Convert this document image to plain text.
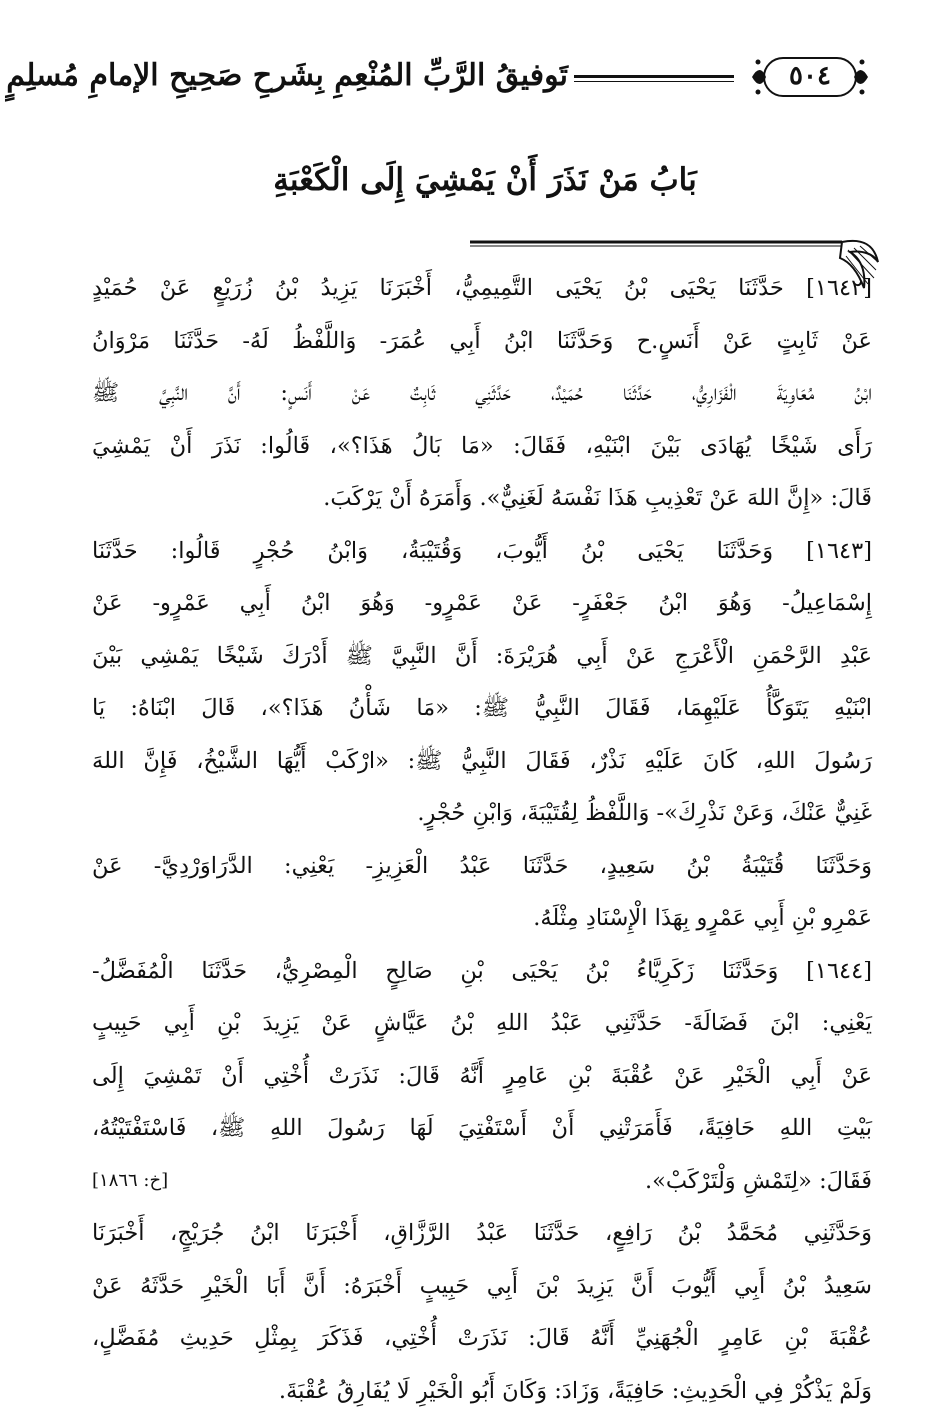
٥٠٤
تَوفيقُ الرَّبِّ المُنْعِمِ بِشَرحِ صَحِيحِ الإمامِ مُسلِمٍ
بَابُ مَنْ نَذَرَ أَنْ يَمْشِيَ إِلَى الْكَعْبَةِ
[١٦٤٢] حَدَّثَنَا يَحْيَى بْنُ يَحْيَى التَّمِيمِيُّ، أَخْبَرَنَا يَزِيدُ بْنُ زُرَيْعٍ عَنْ حُمَيْدٍ
عَنْ ثَابِتٍ عَنْ أَنَسٍ.ح وَحَدَّثَنَا ابْنُ أَبِي عُمَرَ- وَاللَّفْظُ لَهُ- حَدَّثَنَا مَرْوَانُ
ابْنُ مُعَاوِيَةَ الْفَزَارِيُّ، حَدَّثَنَا حُمَيْدٌ، حَدَّثَنِي ثَابِتٌ عَنْ أَنَسٍ: أَنَّ النَّبِيَّ ﷺ
رَأَى شَيْخًا يُهَادَى بَيْنَ ابْنَيْهِ، فَقَالَ: «مَا بَالُ هَذَا؟»، قَالُوا: نَذَرَ أَنْ يَمْشِيَ
قَالَ: «إِنَّ اللهَ عَنْ تَعْذِيبِ هَذَا نَفْسَهُ لَغَنِيٌّ». وَأَمَرَهُ أَنْ يَرْكَبَ.
[١٦٤٣] وَحَدَّثَنَا يَحْيَى بْنُ أَيُّوبَ، وَقُتَيْبَةُ، وَابْنُ حُجْرٍ قَالُوا: حَدَّثَنَا
إِسْمَاعِيلُ- وَهُوَ ابْنُ جَعْفَرٍ- عَنْ عَمْرٍو- وَهُوَ ابْنُ أَبِي عَمْرٍو- عَنْ
عَبْدِ الرَّحْمَنِ الْأَعْرَجِ عَنْ أَبِي هُرَيْرَةَ: أَنَّ النَّبِيَّ ﷺ أَدْرَكَ شَيْخًا يَمْشِي بَيْنَ
ابْنَيْهِ يَتَوَكَّأُ عَلَيْهِمَا، فَقَالَ النَّبِيُّ ﷺ: «مَا شَأْنُ هَذَا؟»، قَالَ ابْنَاهُ: يَا
رَسُولَ اللهِ، كَانَ عَلَيْهِ نَذْرٌ، فَقَالَ النَّبِيُّ ﷺ: «ارْكَبْ أَيُّهَا الشَّيْخُ، فَإِنَّ اللهَ
غَنِيٌّ عَنْكَ، وَعَنْ نَذْرِكَ»- وَاللَّفْظُ لِقُتَيْبَةَ، وَابْنِ حُجْرٍ.
وَحَدَّثَنَا قُتَيْبَةُ بْنُ سَعِيدٍ، حَدَّثَنَا عَبْدُ الْعَزِيزِ- يَعْنِي: الدَّرَاوَرْدِيَّ- عَنْ
عَمْرِو بْنِ أَبِي عَمْرٍو بِهَذَا الْإِسْنَادِ مِثْلَهُ.
[١٦٤٤] وَحَدَّثَنَا زَكَرِيَّاءُ بْنُ يَحْيَى بْنِ صَالِحٍ الْمِصْرِيُّ، حَدَّثَنَا الْمُفَضَّلُ-
يَعْنِي: ابْنَ فَضَالَةَ- حَدَّثَنِي عَبْدُ اللهِ بْنُ عَيَّاشٍ عَنْ يَزِيدَ بْنِ أَبِي حَبِيبٍ
عَنْ أَبِي الْخَيْرِ عَنْ عُقْبَةَ بْنِ عَامِرٍ أَنَّهُ قَالَ: نَذَرَتْ أُخْتِي أَنْ تَمْشِيَ إِلَى
بَيْتِ اللهِ حَافِيَةً، فَأَمَرَتْنِي أَنْ أَسْتَفْتِيَ لَهَا رَسُولَ اللهِ ﷺ، فَاسْتَفْتَيْتُهُ،
فَقَالَ: «لِتَمْشِ وَلْتَرْكَبْ».
[خ: ١٨٦٦]
وَحَدَّثَنِي مُحَمَّدُ بْنُ رَافِعٍ، حَدَّثَنَا عَبْدُ الرَّزَّاقِ، أَخْبَرَنَا ابْنُ جُرَيْجٍ، أَخْبَرَنَا
سَعِيدُ بْنُ أَبِي أَيُّوبَ أَنَّ يَزِيدَ بْنَ أَبِي حَبِيبٍ أَخْبَرَهُ: أَنَّ أَبَا الْخَيْرِ حَدَّثَهُ عَنْ
عُقْبَةَ بْنِ عَامِرٍ الْجُهَنِيِّ أَنَّهُ قَالَ: نَذَرَتْ أُخْتِي، فَذَكَرَ بِمِثْلِ حَدِيثِ مُفَضَّلٍ،
وَلَمْ يَذْكُرْ فِي الْحَدِيثِ: حَافِيَةً، وَزَادَ: وَكَانَ أَبُو الْخَيْرِ لَا يُفَارِقُ عُقْبَةَ.
